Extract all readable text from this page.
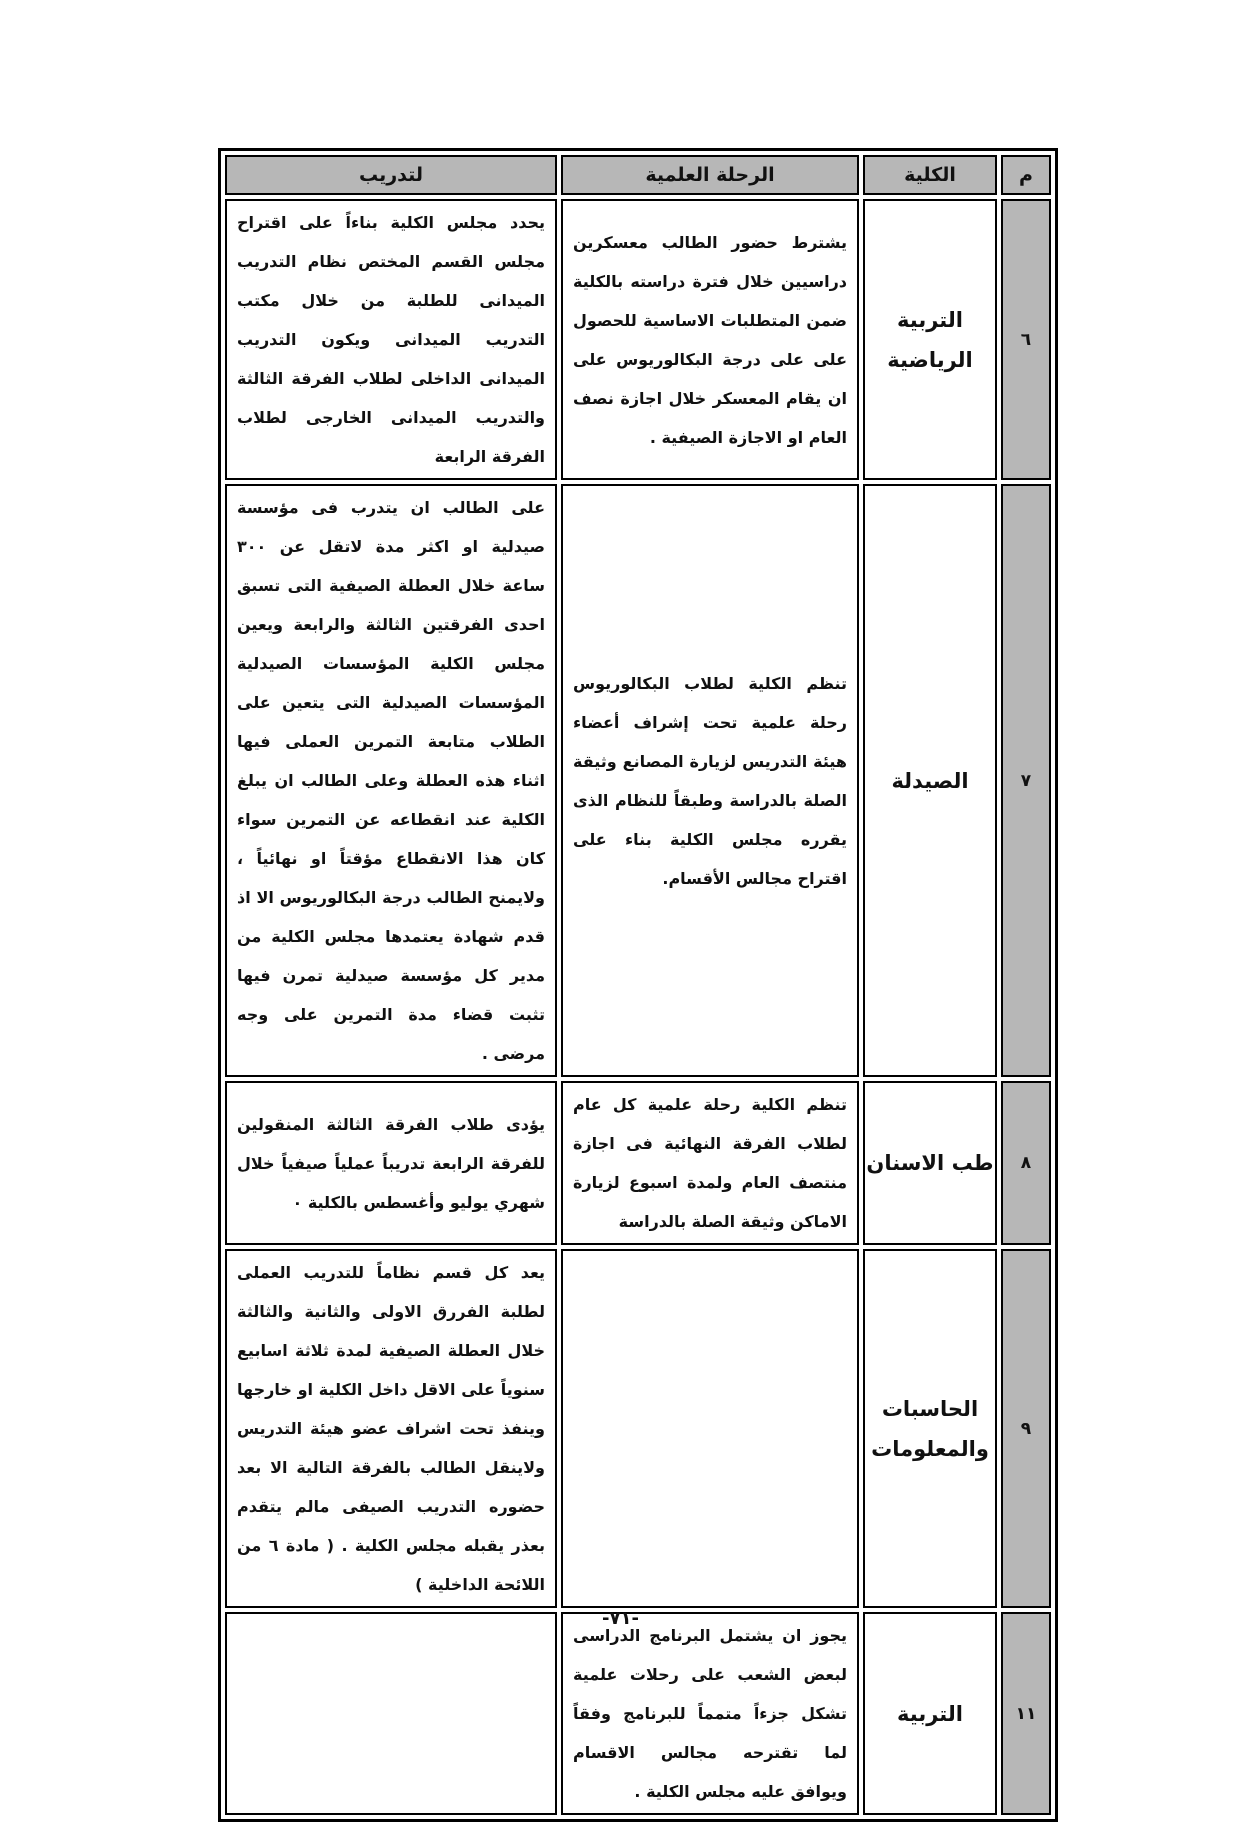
م	الكلية	الرحلة العلمية	لتدريب
٦	التربية الرياضية	يشترط حضور الطالب معسكرين دراسيين خلال فترة دراسته بالكلية ضمن المتطلبات الاساسية للحصول على على درجة البكالوريوس على ان يقام المعسكر خلال اجازة نصف العام او الاجازة الصيفية .	يحدد مجلس الكلية بناءاً على اقتراح مجلس القسم المختص نظام التدريب الميدانى للطلبة من خلال مكتب التدريب الميدانى ويكون التدريب الميدانى الداخلى لطلاب الفرقة الثالثة والتدريب الميدانى الخارجى لطلاب الفرقة الرابعة
٧	الصيدلة	تنظم الكلية لطلاب البكالوريوس رحلة علمية تحت إشراف أعضاء هيئة التدريس لزيارة المصانع وثيقة الصلة بالدراسة وطبقاً للنظام الذى يقرره مجلس الكلية بناء على اقتراح مجالس الأقسام.	على الطالب ان يتدرب فى مؤسسة صيدلية او اكثر مدة لاتقل عن ٣٠٠ ساعة خلال العطلة الصيفية التى تسبق احدى الفرقتين الثالثة والرابعة ويعين مجلس الكلية المؤسسات الصيدلية المؤسسات الصيدلية التى يتعين على الطلاب متابعة التمرين العملى فيها اثناء هذه العطلة وعلى الطالب ان يبلغ الكلية عند انقطاعه عن التمرين سواء كان هذا الانقطاع مؤقتاً او نهائياً ، ولايمنح الطالب درجة البكالوريوس الا اذ قدم شهادة يعتمدها مجلس الكلية من مدير كل مؤسسة صيدلية تمرن فيها تثبت قضاء مدة التمرين على وجه مرضى .
٨	طب الاسنان	تنظم الكلية رحلة علمية كل عام لطلاب الفرقة النهائية فى اجازة منتصف العام ولمدة اسبوع لزيارة الاماكن وثيقة الصلة بالدراسة	يؤدى طلاب الفرقة الثالثة المنقولين للفرقة الرابعة تدريباً عملياً صيفياً خلال شهري يوليو وأغسطس بالكلية ٠
٩	الحاسبات والمعلومات		يعد كل قسم نظاماً للتدريب العملى لطلبة الفررق الاولى والثانية والثالثة خلال العطلة الصيفية لمدة ثلاثة اسابيع سنوياً على الاقل داخل الكلية او خارجها وينفذ تحت اشراف عضو هيئة التدريس ولاينقل الطالب بالفرقة التالية الا بعد حضوره التدريب الصيفى مالم يتقدم بعذر يقبله مجلس الكلية . ( مادة ٦ من اللائحة الداخلية )
١١	التربية	يجوز ان يشتمل البرنامج الدراسى لبعض الشعب على رحلات علمية تشكل جزءاً متمماً للبرنامج وفقاً لما تقترحه مجالس الاقسام ويوافق عليه مجلس الكلية .	
-٧١-
